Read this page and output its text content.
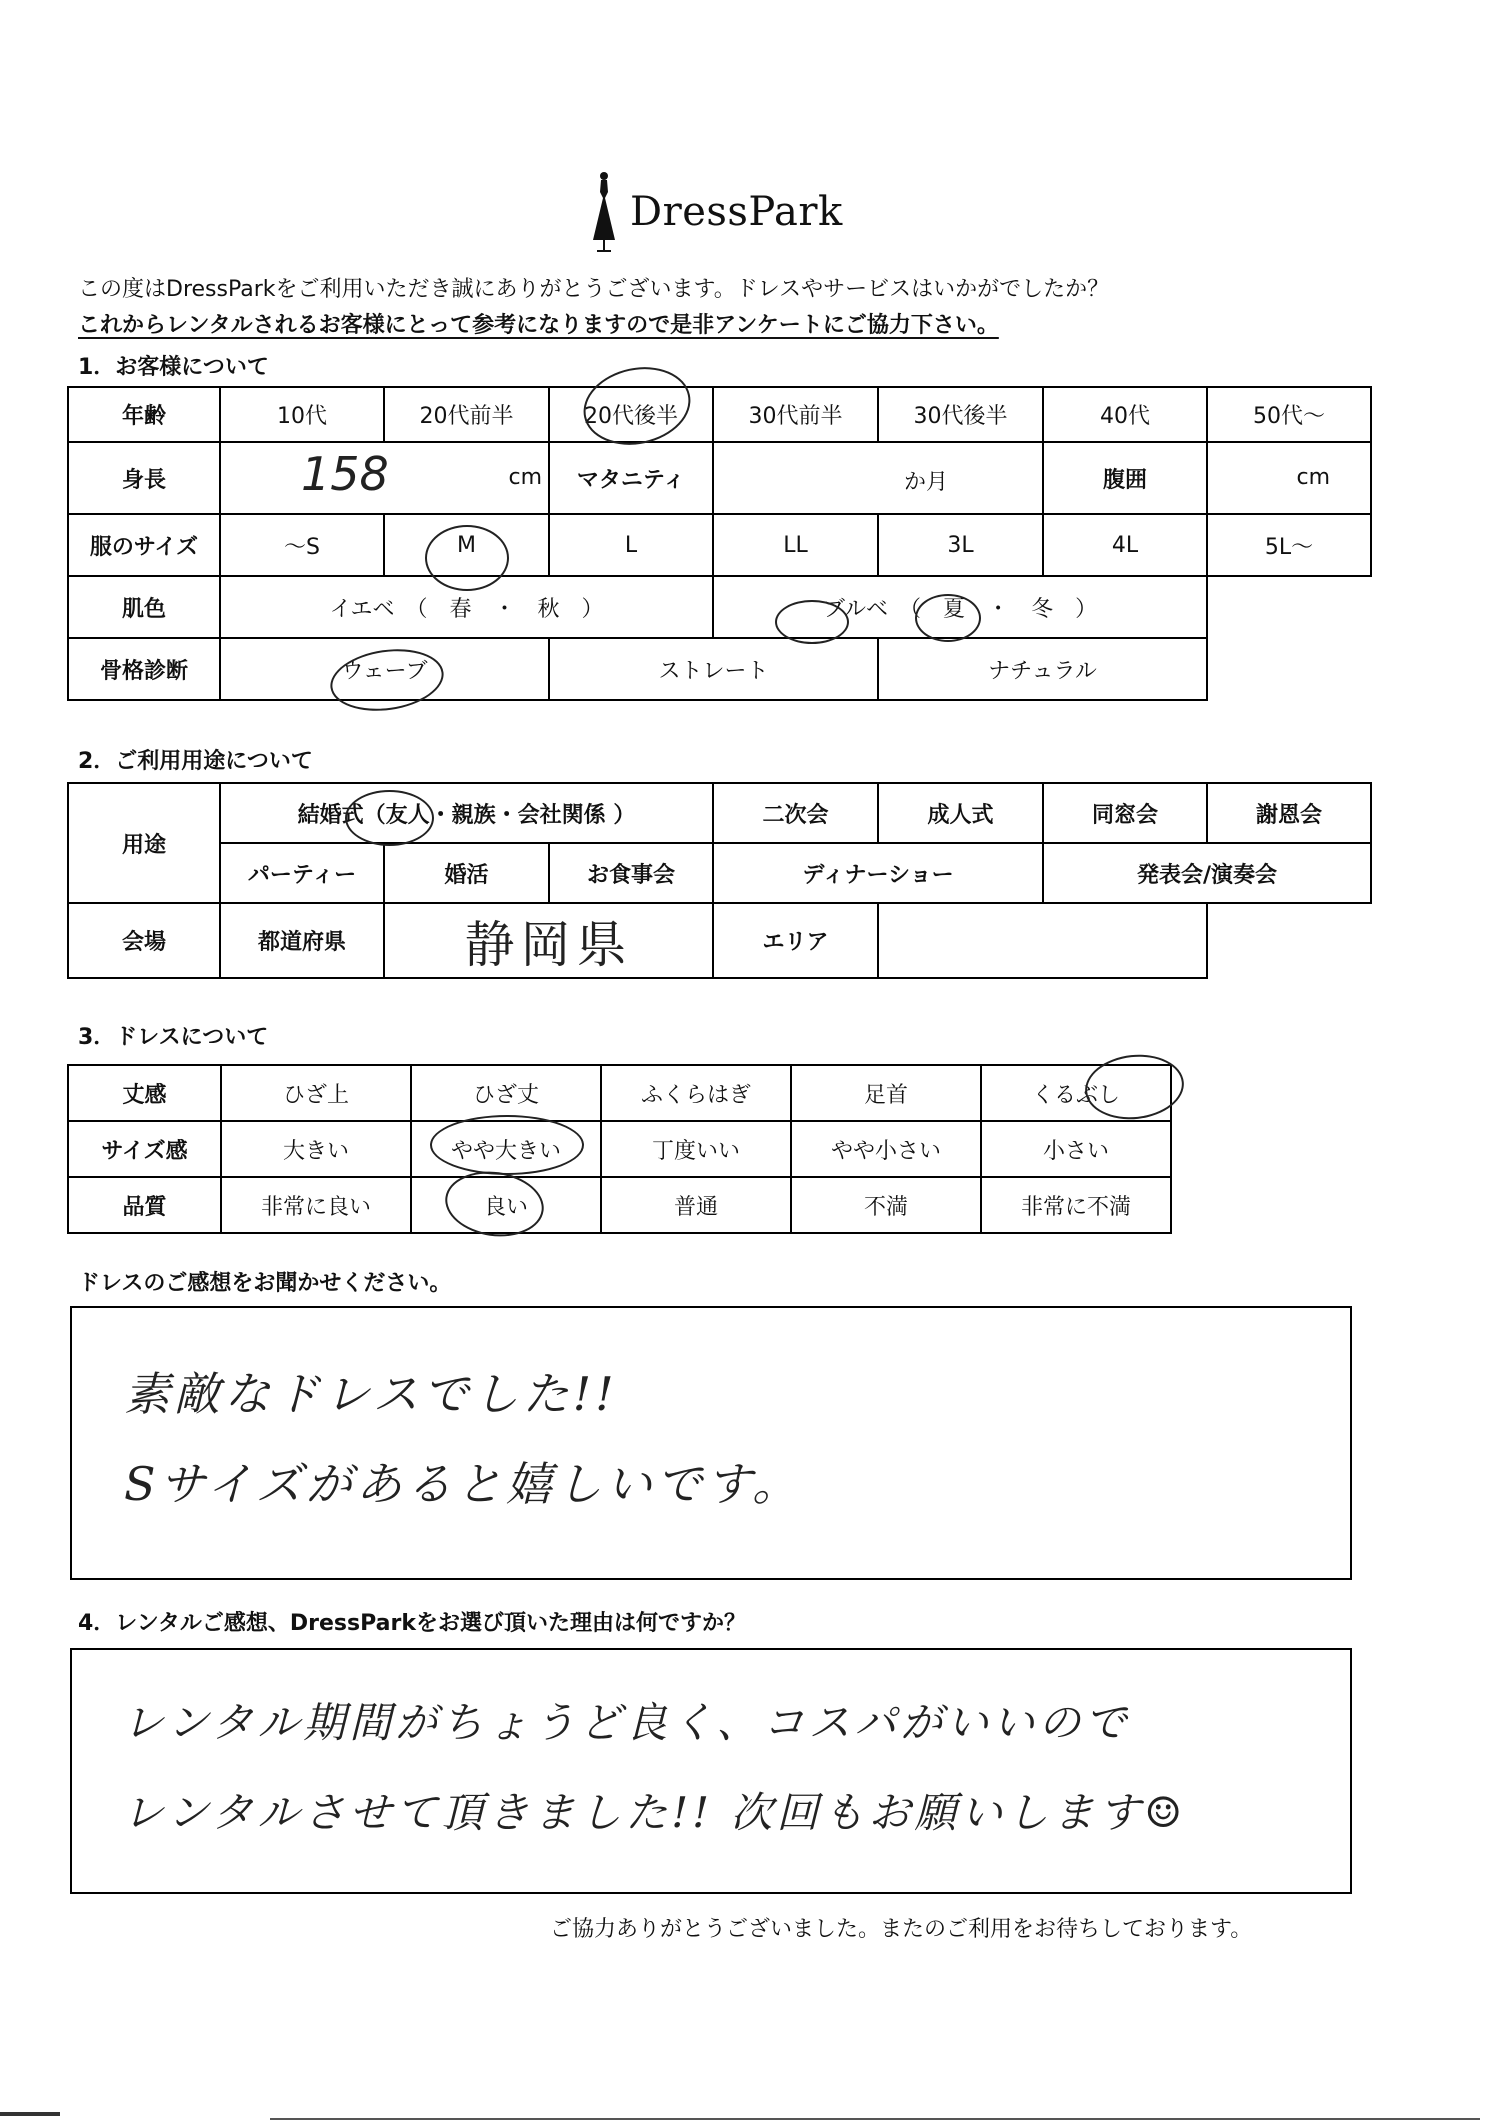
DressPark
この度はDressParkをご利用いただき誠にありがとうございます。ドレスやサービスはいかがでしたか？
これからレンタルされるお客様にとって参考になりますので是非アンケートにご協力下さい。
1．お客様について
年齢	10代	20代前半	20代後半	30代前半	30代後半	40代	50代～
身長	158 cm		マタニティ	か月		腹囲	cm

服のサイズ	～S	M	L	LL	3L	4L	5L～
肌色	イエベ　（　春　・　秋　）			ブルベ　（　夏　 ・　冬　）			
骨格診断	ウェーブ		ストレート		ナチュラル		
2．ご利用用途について
用途	結婚式（友人・親族・会社関係 ）			二次会	成人式	同窓会	謝恩会
	パーティー	婚活	お食事会	ディナーショー		発表会/演奏会	
会場	都道府県	静岡県		エリア			
3．ドレスについて
丈感	ひざ上	ひざ丈	ふくらはぎ	足首	くるぶし
サイズ感	大きい	やや大きい	丁度いい	やや小さい	小さい
品質	非常に良い	良い	普通	不満	非常に不満
ドレスのご感想をお聞かせください。
素敵なドレスでした!!
Sサイズがあると嬉しいです。
4．レンタルご感想、DressParkをお選び頂いた理由は何ですか？
レンタル期間がちょうど良く、コスパがいいので
レンタルさせて頂きました!! 次回もお願いします☺
ご協力ありがとうございました。またのご利用をお待ちしております。
